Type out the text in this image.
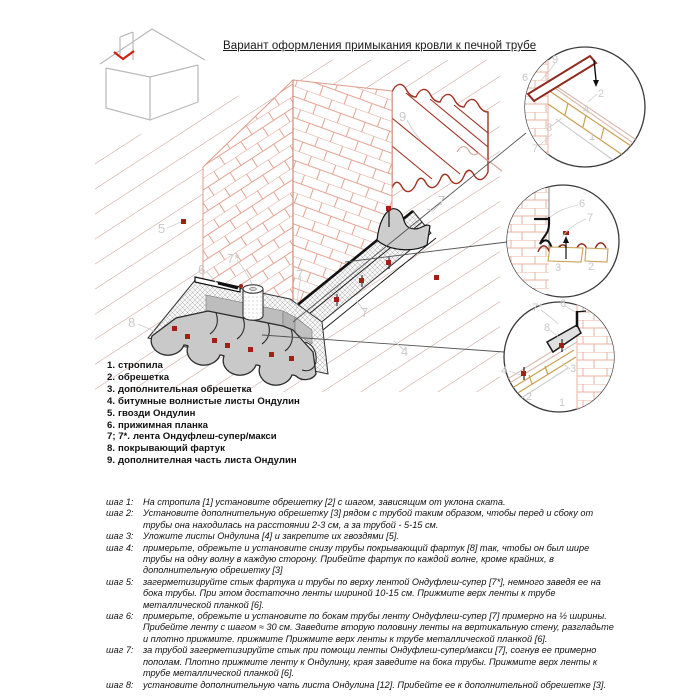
9
5
6
7*
7
7
7
4
8
6
9
2
4
3
7
1
6
7
3 2
7* 6
8
3
4
2 1
Вариант оформления примыкания кровли к печной трубе
1. стропила
2. обрешетка
3. дополнительная обрешетка
4. битумные волнистые листы Ондулин
5. гвозди Ондулин
6. прижимная планка
7; 7*. лента Ондуфлеш-супер/макси
8. покрывающий фартук
9. дополнителная часть листа Ондулин
шаг 1:	На стропила [1] установите обрешетку [2] с шагом, зависящим от уклона ската.
шаг 2:	Установите дополнительную обрешетку [3] рядом с трубой таким образом, чтобы перед и сбоку от трубы она находилась на расстоянии 2-3 см, а за трубой - 5-15 см.
шаг 3:	Уложите листы Ондулина [4] и закрепите их гвоздями [5].
шаг 4:	примерьте, обрежьте и установите снизу трубы покрывающий фартук [8] так, чтобы он был шире трубы на одну волну в каждую сторону. Прибейте фартук по каждой волне, кроме крайних, в дополнительную обрешетку [3]
шаг 5:	загерметизируйте стык фартука и трубы по верху лентой Ондуфлеш-супер [7*], немного заведя ее на бока трубы. При этом достаточно ленты шириной 10-15 см. Прижмите верх ленты к трубе металлической планкой [6].
шаг 6:	примерьте, обрежьте и установите по бокам трубы ленту Ондуфлеш-супер [7] примерно на ½ ширины. Прибейте ленту с шагом ≈ 30 см. Заведите вторую половину ленты на вертикальную стену, разгладьте и плотно прижмите. прижмите Прижмите верх ленты к трубе металлической планкой [6].
шаг 7:	за трубой загерметизируйте стык при помощи ленты Ондуфлеш-супер/макси [7], согнув ее примерно пополам. Плотно прижмите ленту к Ондулину, края заведите на бока трубы. Прижмите верх ленты к трубе металлической планкой [6].
шаг 8:	установите дополнительную чать листа Ондулина [12]. Прибейте ее к дополнительной обрешетке [3].
